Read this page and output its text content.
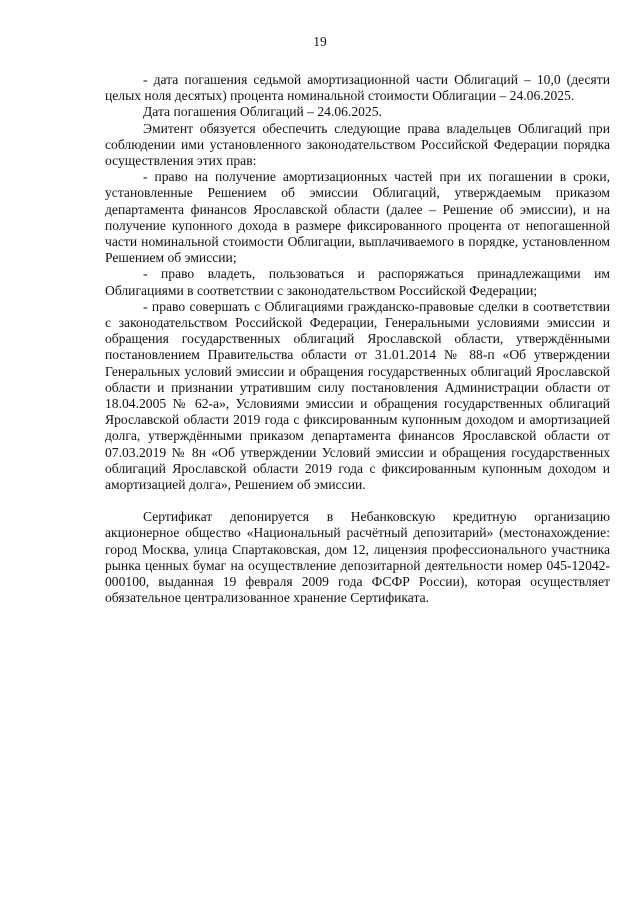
19

- дата погашения седьмой амортизационной части Облигаций – 10,0 (десяти целых ноля десятых) процента номинальной стоимости Облигации – 24.06.2025.

Дата погашения Облигаций – 24.06.2025.

Эмитент обязуется обеспечить следующие права владельцев Облигаций при соблюдении ими установленного законодательством Российской Федерации порядка осуществления этих прав:

- право на получение амортизационных частей при их погашении в сроки, установленные Решением об эмиссии Облигаций, утверждаемым приказом департамента финансов Ярославской области (далее – Решение об эмиссии), и на получение купонного дохода в размере фиксированного процента от непогашенной части номинальной стоимости Облигации, выплачиваемого в порядке, установленном Решением об эмиссии;

- право владеть, пользоваться и распоряжаться принадлежащими им Облигациями в соответствии с законодательством Российской Федерации;

- право совершать с Облигациями гражданско-правовые сделки в соответствии с законодательством Российской Федерации, Генеральными условиями эмиссии и обращения государственных облигаций Ярославской области, утверждёнными постановлением Правительства области от 31.01.2014 № 88-п «Об утверждении Генеральных условий эмиссии и обращения государственных облигаций Ярославской области и признании утратившим силу постановления Администрации области от 18.04.2005 № 62-а», Условиями эмиссии и обращения государственных облигаций Ярославской области 2019 года с фиксированным купонным доходом и амортизацией долга, утверждёнными приказом департамента финансов Ярославской области от 07.03.2019 № 8н «Об утверждении Условий эмиссии и обращения государственных облигаций Ярославской области 2019 года с фиксированным купонным доходом и амортизацией долга», Решением об эмиссии.

Сертификат депонируется в Небанковскую кредитную организацию акционерное общество «Национальный расчётный депозитарий» (местонахождение: город Москва, улица Спартаковская, дом 12, лицензия профессионального участника рынка ценных бумаг на осуществление депозитарной деятельности номер 045-12042-000100, выданная 19 февраля 2009 года ФСФР России), которая осуществляет обязательное централизованное хранение Сертификата.
